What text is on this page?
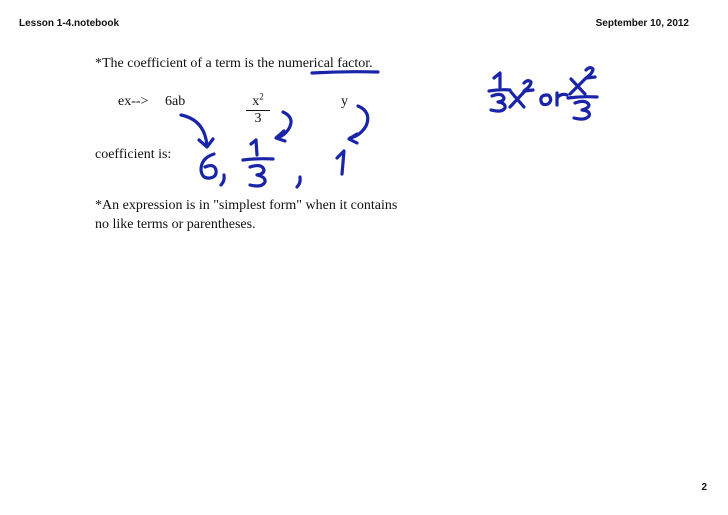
Lesson 1-4.notebook	September 10, 2012
*The coefficient of a term is the numerical factor.
ex--> 6ab	$\frac{x^2}{3}$	y
coefficient is:
*An expression is in "simplest form" when it contains
no like terms or parentheses.
2
